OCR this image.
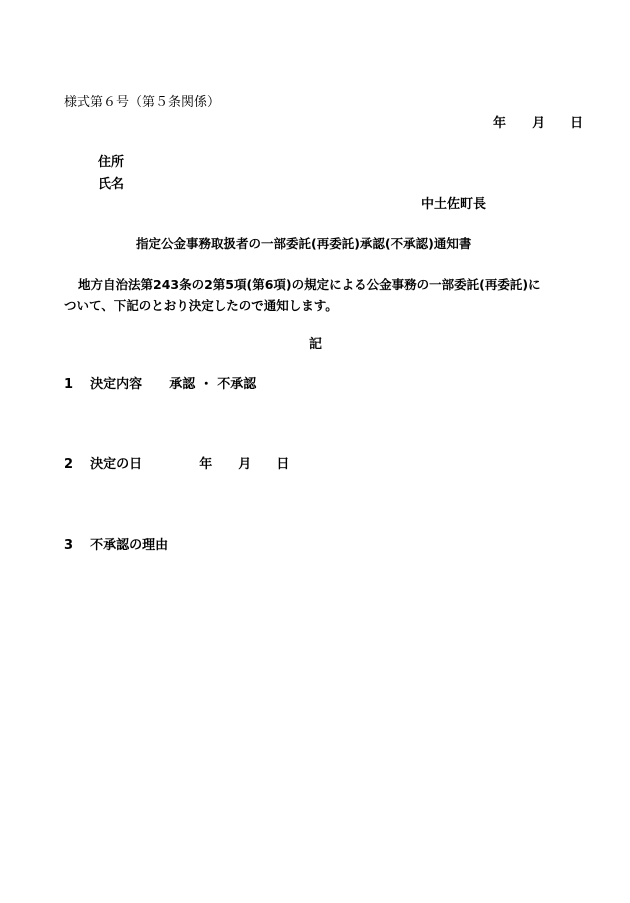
様式第６号（第５条関係）
年 月 日
住所
氏名
中土佐町長
指定公金事務取扱者の一部委託(再委託)承認(不承認)通知書
地方自治法第243条の2第5項(第6項)の規定による公金事務の一部委託(再委託)に
ついて、下記のとおり決定したので通知します。
記
1 決定内容 承認 ・ 不承認
2 決定の日	年 月 日
3 不承認の理由
